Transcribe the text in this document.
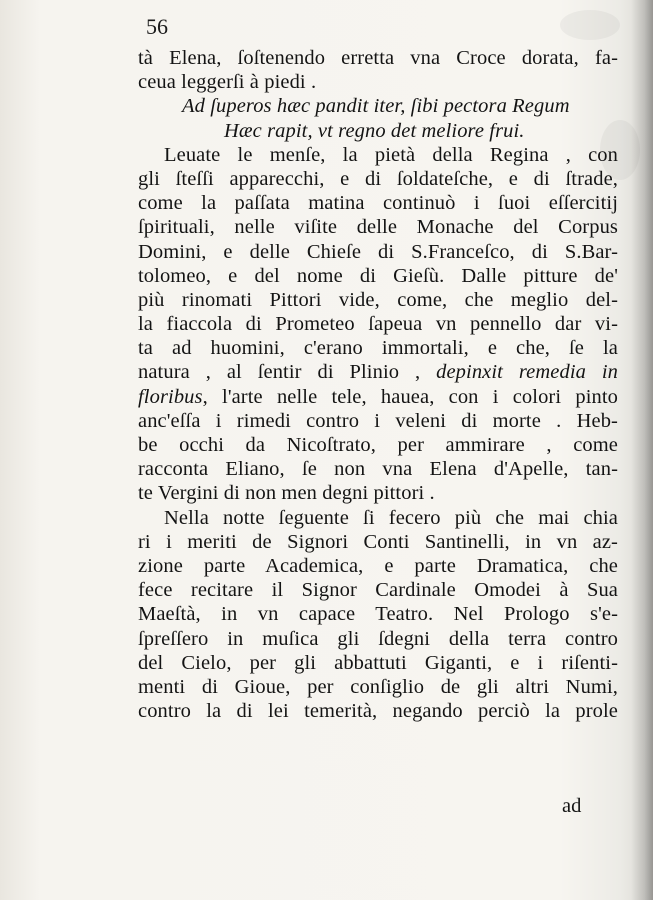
56
tà Elena, ſoſtenendo erretta vna Croce dorata, fa-
ceua leggerſi à piedi .
Ad ſuperos hæc pandit iter, ſibi pectora Regum
Hæc rapit, vt regno det meliore frui.
Leuate le menſe, la pietà della Regina , con
gli ſteſſi apparecchi, e di ſoldateſche, e di ſtrade,
come la paſſata matina continuò i ſuoi eſſercitij
ſpirituali, nelle viſite delle Monache del Corpus
Domini, e delle Chieſe di S.Franceſco, di S.Bar-
tolomeo, e del nome di Gieſù. Dalle pitture de'
più rinomati Pittori vide, come, che meglio del-
la fiaccola di Prometeo ſapeua vn pennello dar vi-
ta ad huomini, c'erano immortali, e che, ſe la
natura , al ſentir di Plinio , depinxit remedia in
floribus, l'arte nelle tele, hauea, con i colori pinto
anc'eſſa i rimedi contro i veleni di morte . Heb-
be occhi da Nicoſtrato, per ammirare , come
racconta Eliano, ſe non vna Elena d'Apelle, tan-
te Vergini di non men degni pittori .
Nella notte ſeguente ſi fecero più che mai chia
ri i meriti de Signori Conti Santinelli, in vn az-
zione parte Academica, e parte Dramatica, che
fece recitare il Signor Cardinale Omodei à Sua
Maeſtà, in vn capace Teatro. Nel Prologo s'e-
ſpreſſero in muſica gli ſdegni della terra contro
del Cielo, per gli abbattuti Giganti, e i riſenti-
menti di Gioue, per conſiglio de gli altri Numi,
contro la di lei temerità, negando perciò la prole
ad
